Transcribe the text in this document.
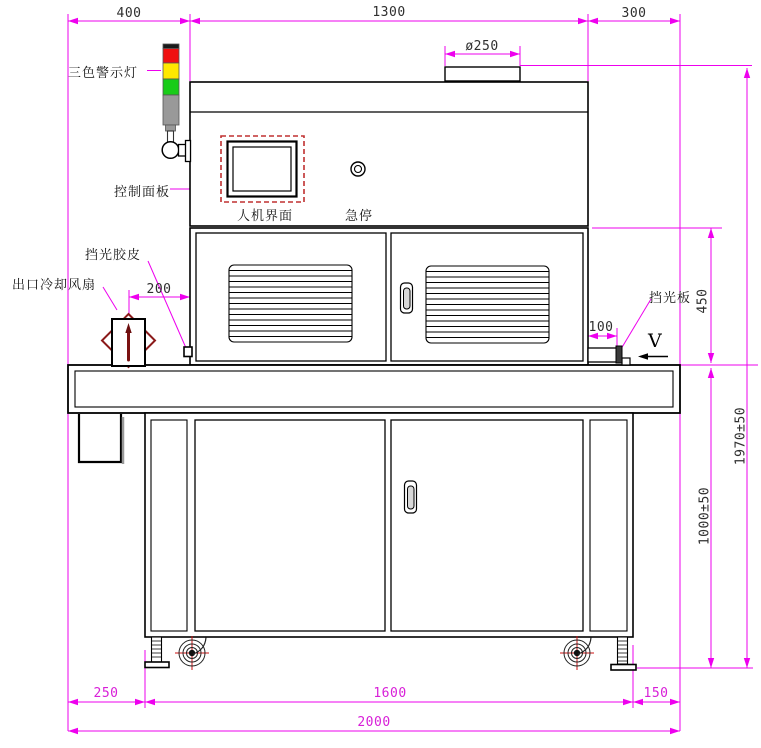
400	1300	300
ø250
200
100
450
1000±50
1970±50
250	1600	150
2000
三色警示灯
控制面板
人机界面	急停
挡光胶皮
出口冷却风扇
挡光板
V
